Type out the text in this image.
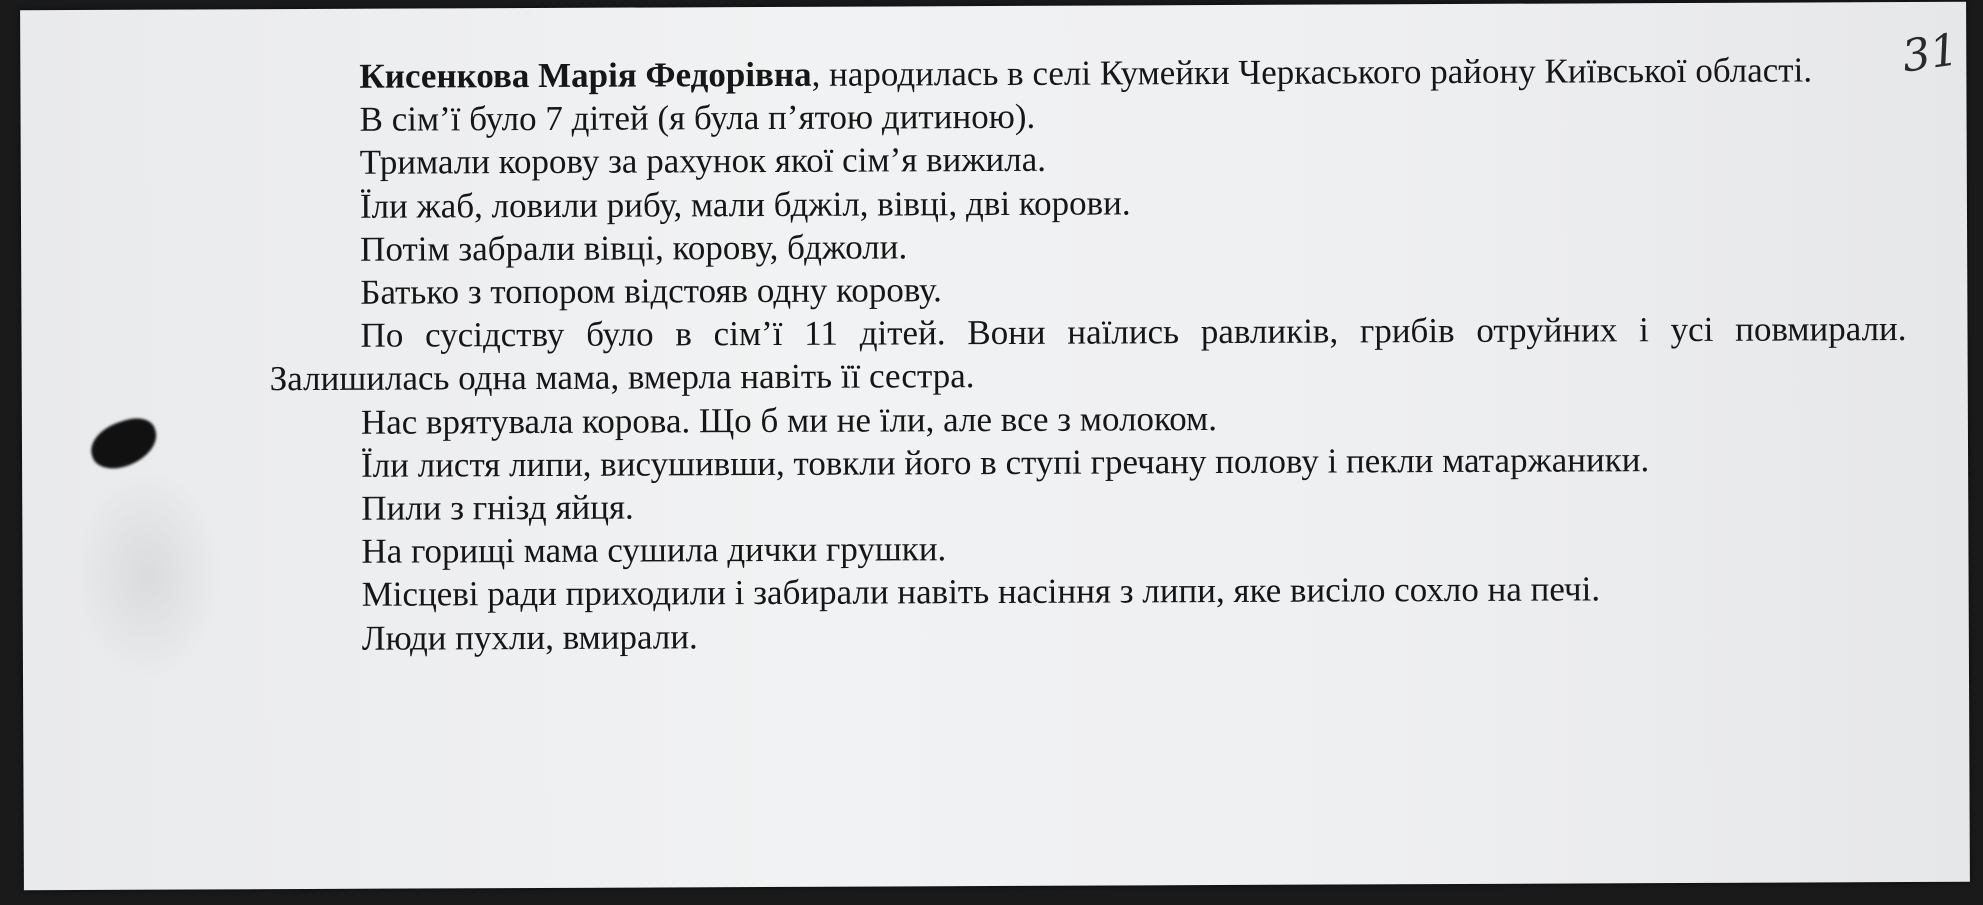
31

Кисенкова Марія Федорівна, народилась в селі Кумейки Черкаського району Київської області.

В сім’ї було 7 дітей (я була п’ятою дитиною).

Тримали корову за рахунок якої сім’я вижила.

Їли жаб, ловили рибу, мали бджіл, вівці, дві корови.

Потім забрали вівці, корову, бджоли.

Батько з топором відстояв одну корову.

По сусідству було в сім’ї 11 дітей. Вони наїлись равликів, грибів отруйних і усі повмирали. Залишилась одна мама, вмерла навіть її сестра.

Нас врятувала корова. Що б ми не їли, але все з молоком.

Їли листя липи, висушивши, товкли його в ступі гречану полову і пекли матаржаники.

Пили з гнізд яйця.

На горищі мама сушила дички грушки.

Місцеві ради приходили і забирали навіть насіння з липи, яке висіло сохло на печі.

Люди пухли, вмирали.
